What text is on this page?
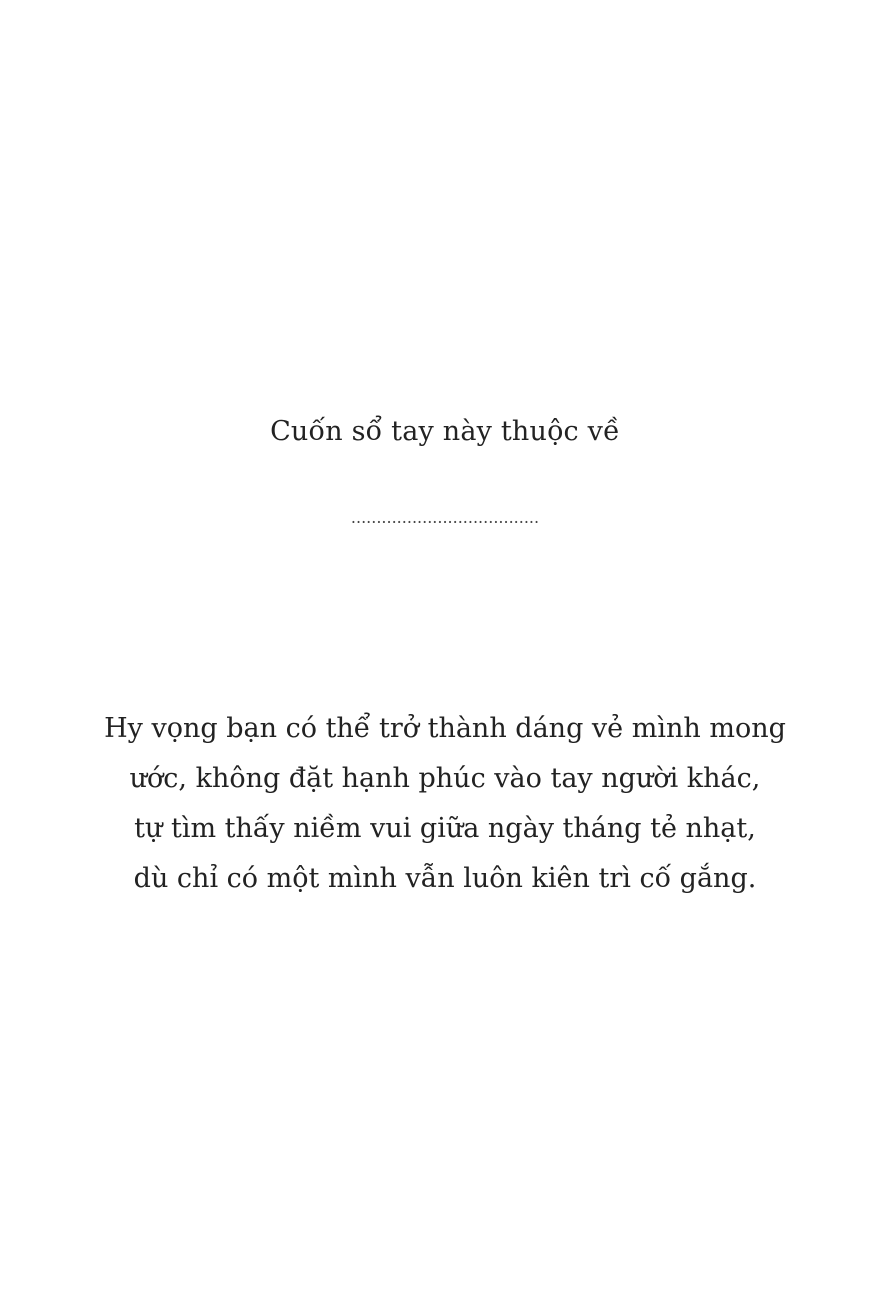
Cuốn sổ tay này thuộc về
.....................................
Hy vọng bạn có thể trở thành dáng vẻ mình mong
ước, không đặt hạnh phúc vào tay người khác,
tự tìm thấy niềm vui giữa ngày tháng tẻ nhạt,
dù chỉ có một mình vẫn luôn kiên trì cố gắng.
